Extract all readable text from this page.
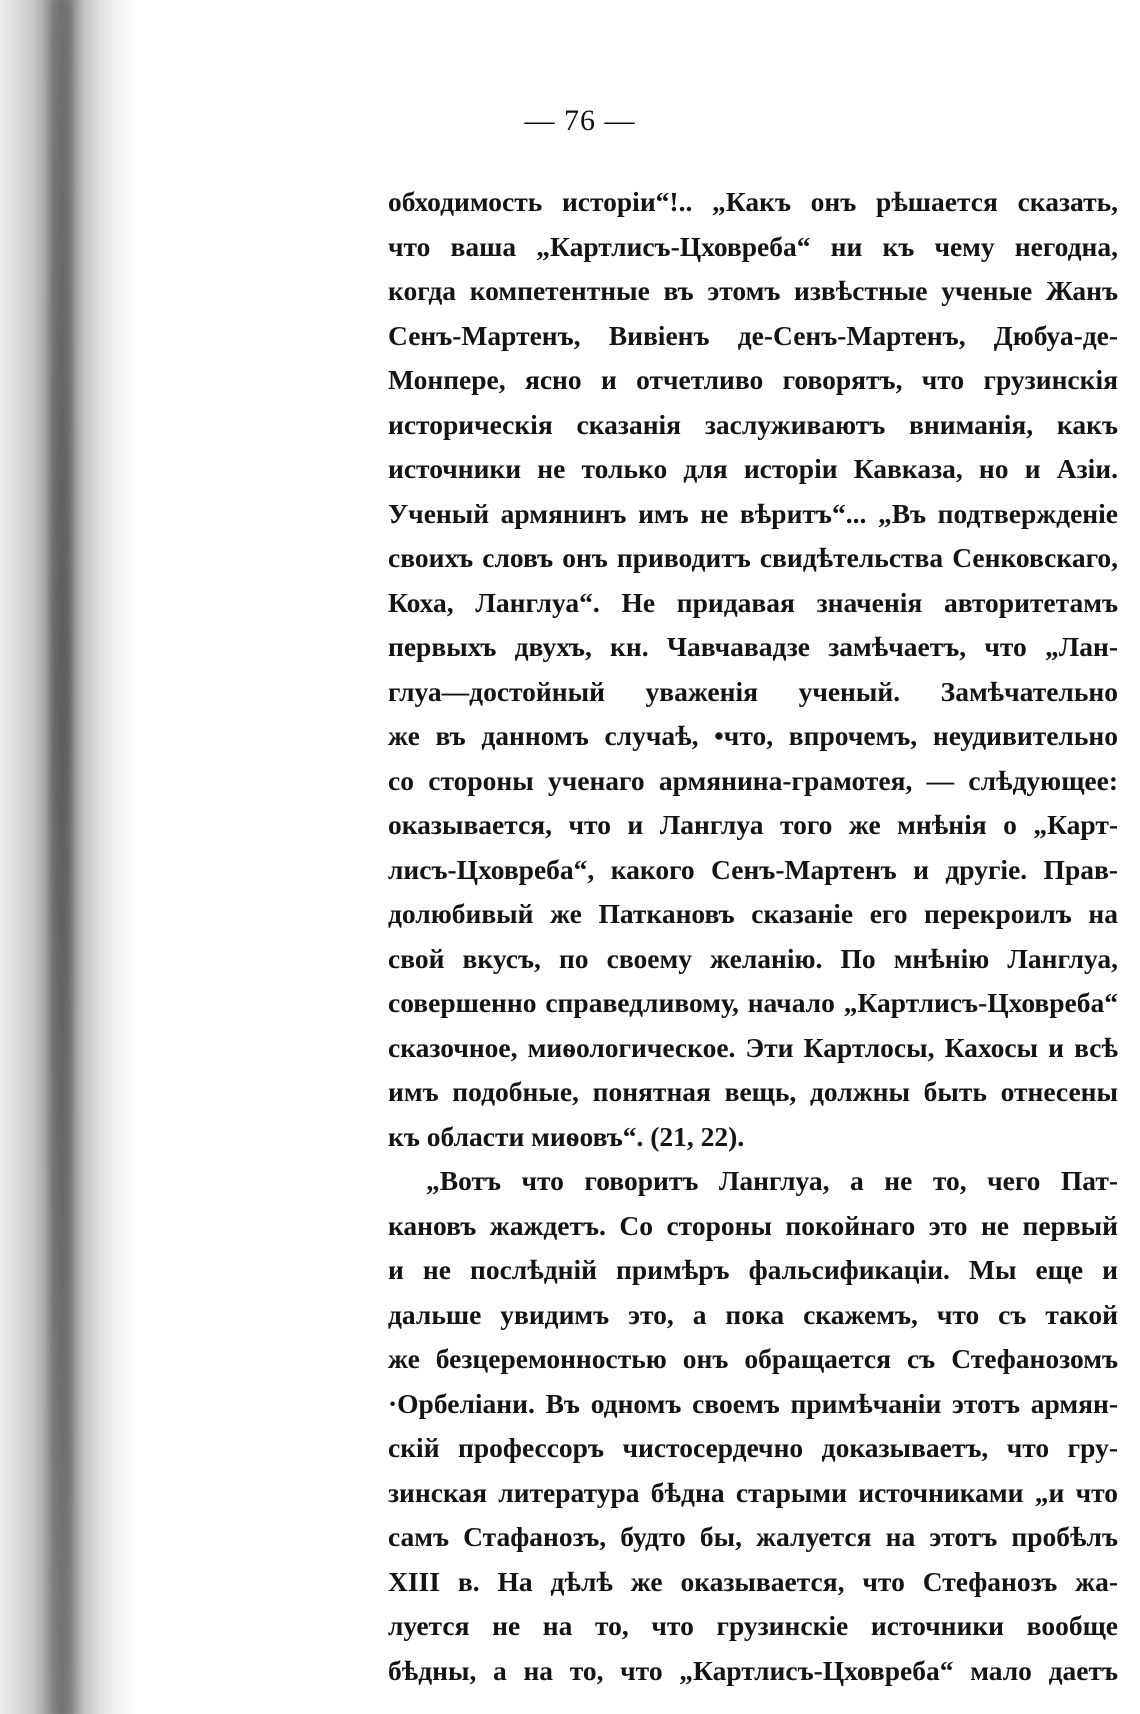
— 76 —
обходимость исторіи“!.. „Какъ онъ рѣшается сказать,
что ваша „Картлисъ-Цховреба“ ни къ чему негодна,
когда компетентные въ этомъ извѣстные ученые Жанъ
Сенъ-Мартенъ, Вивіенъ де-Сенъ-Мартенъ, Дюбуа-де-
Монпере, ясно и отчетливо говорятъ, что грузинскія
историческія сказанія заслуживаютъ вниманія, какъ
источники не только для исторіи Кавказа, но и Азіи.
Ученый армянинъ имъ не вѣритъ“... „Въ подтвержденіе
своихъ словъ онъ приводитъ свидѣтельства Сенковскаго,
Коха, Ланглуа“. Не придавая значенія авторитетамъ
первыхъ двухъ, кн. Чавчавадзе замѣчаетъ, что „Лан-
глуа—достойный уваженія ученый. Замѣчательно
же въ данномъ случаѣ, •что, впрочемъ, неудивительно
со стороны ученаго армянина-грамотея, — слѣдующее:
оказывается, что и Ланглуа того же мнѣнія о „Карт-
лисъ-Цховреба“, какого Сенъ-Мартенъ и другіе. Прав-
долюбивый же Паткановъ сказаніе его перекроилъ на
свой вкусъ, по своему желанію. По мнѣнію Ланглуа,
совершенно справедливому, начало „Картлисъ-Цховреба“
сказочное, миѳологическое. Эти Картлосы, Кахосы и всѣ
имъ подобные, понятная вещь, должны быть отнесены
къ области миѳовъ“. (21, 22).
„Вотъ что говоритъ Ланглуа, а не то, чего Пат-
кановъ жаждетъ. Со стороны покойнаго это не первый
и не послѣдній примѣръ фальсификаціи. Мы еще и
дальше увидимъ это, а пока скажемъ, что съ такой
же безцеремонностью онъ обращается съ Стефанозомъ
·Орбеліани. Въ одномъ своемъ примѣчаніи этотъ армян-
скій профессоръ чистосердечно доказываетъ, что гру-
зинская литература бѣдна старыми источниками „и что
самъ Стафанозъ, будто бы, жалуется на этотъ пробѣлъ
XIII в. На дѣлѣ же оказывается, что Стефанозъ жа-
луется не на то, что грузинскіе источники вообще
бѣдны, а на то, что „Картлисъ-Цховреба“ мало даетъ
